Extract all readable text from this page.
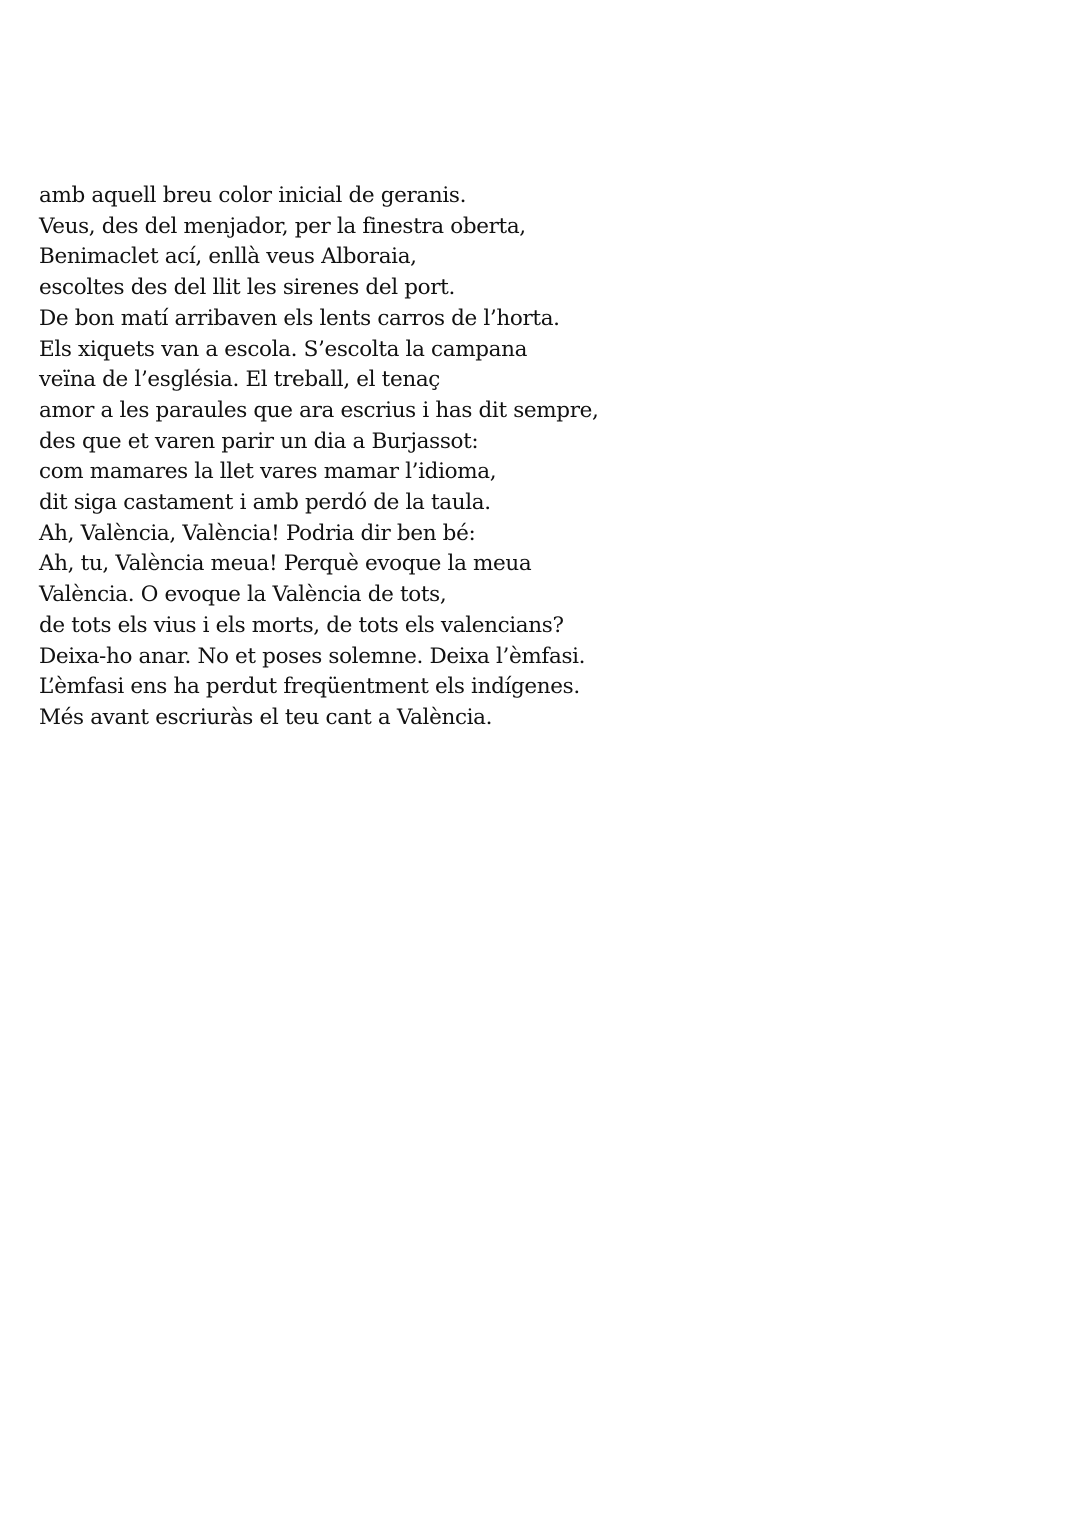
amb aquell breu color inicial de geranis.
Veus, des del menjador, per la finestra oberta,
Benimaclet ací, enllà veus Alboraia,
escoltes des del llit les sirenes del port.
De bon matí arribaven els lents carros de l’horta.
Els xiquets van a escola. S’escolta la campana
veïna de l’església. El treball, el tenaç
amor a les paraules que ara escrius i has dit sempre,
des que et varen parir un dia a Burjassot:
com mamares la llet vares mamar l’idioma,
dit siga castament i amb perdó de la taula.
Ah, València, València! Podria dir ben bé:
Ah, tu, València meua! Perquè evoque la meua
València. O evoque la València de tots,
de tots els vius i els morts, de tots els valencians?
Deixa-ho anar. No et poses solemne. Deixa l’èmfasi.
L’èmfasi ens ha perdut freqüentment els indígenes.
Més avant escriuràs el teu cant a València.
